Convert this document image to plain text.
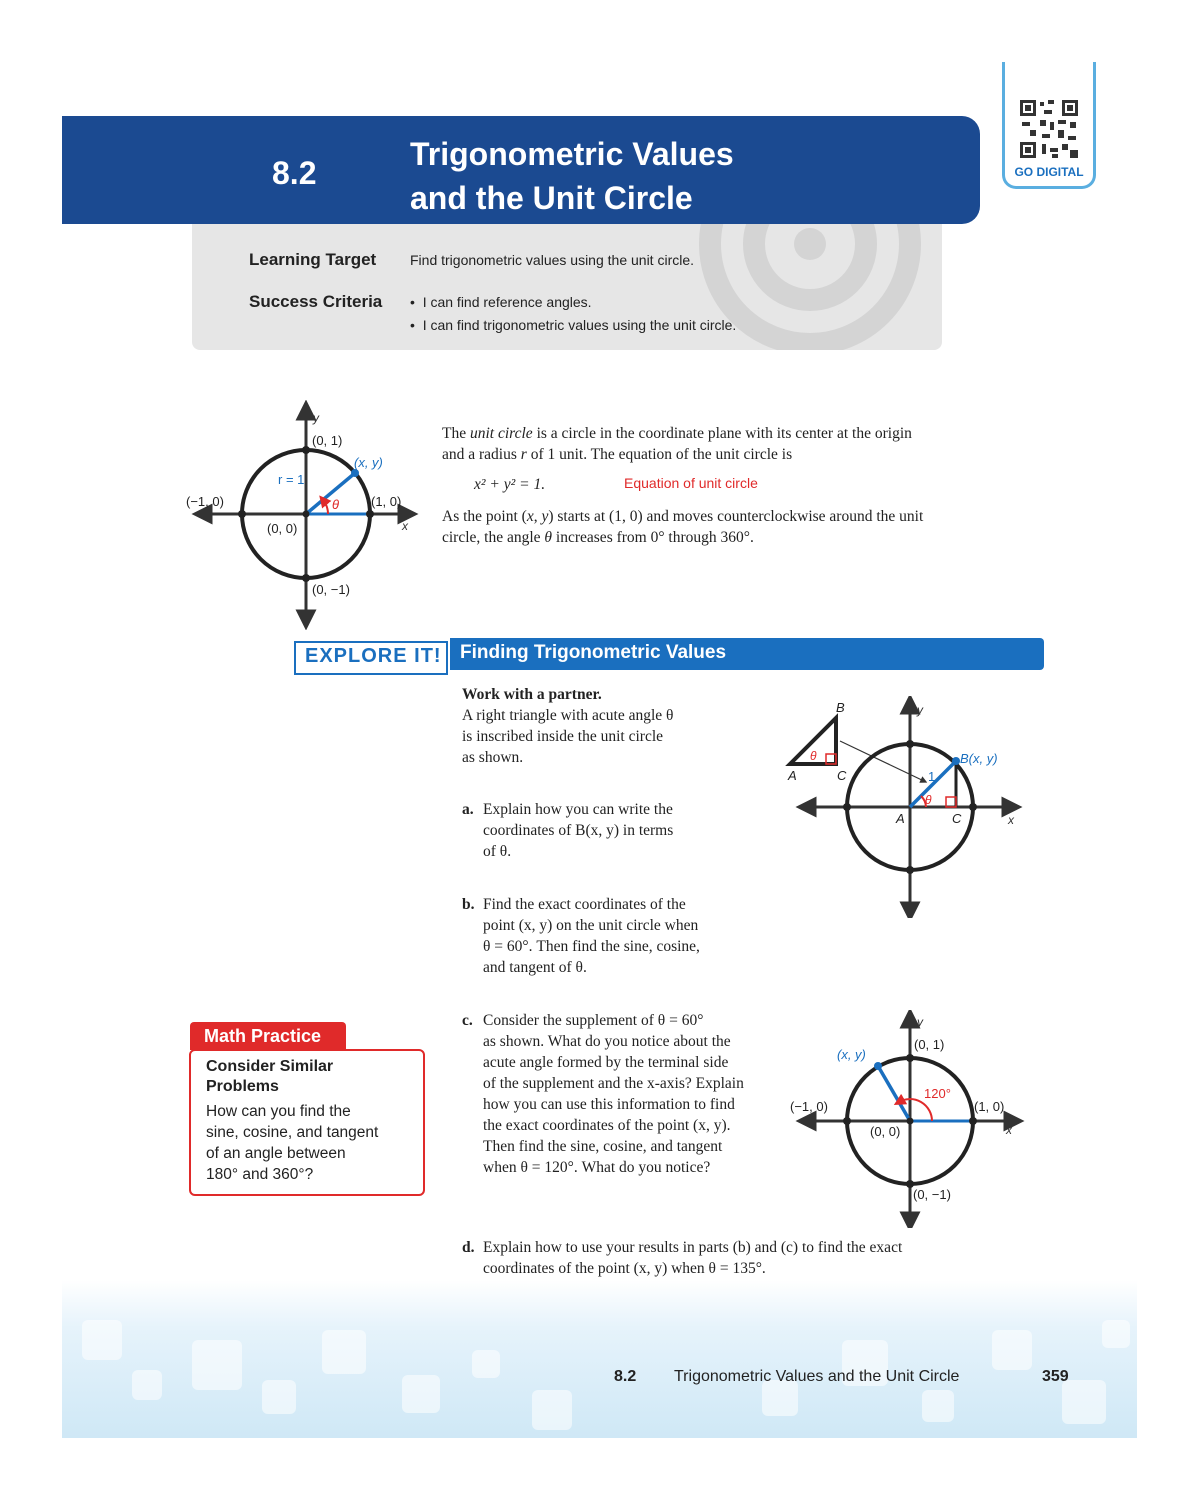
8.2
Trigonometric Values
and the Unit Circle
GO DIGITAL
Learning Target Find trigonometric values using the unit circle.
Success Criteria •  I can find reference angles.
•  I can find trigonometric values using the unit circle.
y
(0, 1)
(x, y)
r = 1
θ
(−1, 0)	(1, 0)
x
(0, 0)
(0, −1)
The unit circle is a circle in the coordinate plane with its center at the origin
and a radius r of 1 unit. The equation of the unit circle is
x² + y² = 1.	Equation of unit circle
As the point (x, y) starts at (1, 0) and moves counterclockwise around the unit
circle, the angle θ increases from 0° through 360°.
EXPLORE IT! Finding Trigonometric Values
Work with a partner.
A right triangle with acute angle θ
is inscribed inside the unit circle
as shown.
a. Explain how you can write the
coordinates of B(x, y) in terms
of θ.
b. Find the exact coordinates of the
point (x, y) on the unit circle when
θ = 60°. Then find the sine, cosine,
and tangent of θ.
c. Consider the supplement of θ = 60°
as shown. What do you notice about the
acute angle formed by the terminal side
of the supplement and the x-axis? Explain
how you can use this information to find
the exact coordinates of the point (x, y).
Then find the sine, cosine, and tangent
when θ = 120°. What do you notice?
d. Explain how to use your results in parts (b) and (c) to find the exact
coordinates of the point (x, y) when θ = 135°.
B
θ
A	C
y
B(x, y)
1
θ
A	C	x
y
(0, 1)
(x, y)
120°
(−1, 0)	(1, 0)
x
(0, 0)
(0, −1)
Math Practice
Consider Similar
Problems
How can you find the
sine, cosine, and tangent
of an angle between
180° and 360°?
8.2 Trigonometric Values and the Unit Circle	359
